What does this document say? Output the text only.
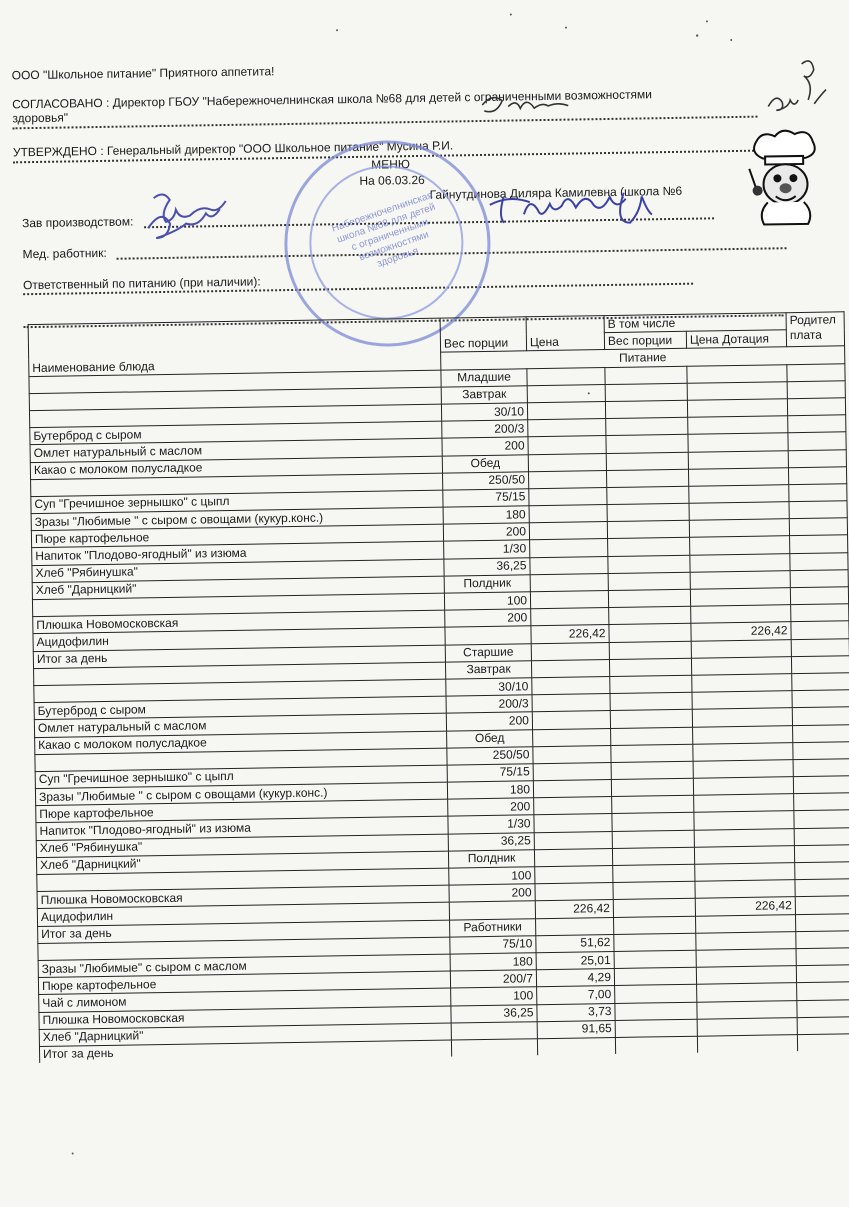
ООО "Школьное питание" Приятного аппетита!
СОГЛАСОВАНО : Директор ГБОУ "Набережночелнинская школа №68 для детей с ограниченными возможностями
здоровья"
УТВЕРЖДЕНО : Генеральный директор "ООО Школьное питание" Мусина Р.И.
МЕНЮ
На 06.03.26
Гайнутдинова Диляра Камилевна (школа №6
Зав производством:
Мед. работник:
Ответственный по питанию (при наличии):
Набережночелнинская школа №68 для детей с ограниченными возможностями здоровья
Наименование блюда	Вес порции	Цена	В том числе		Родител
плата
			Вес порции	Цена Дотация	
	Питание				
	Младшие				
	Завтрак				
	30/10				
Бутерброд с сыром	200/3				
Омлет натуральный с маслом	200				
Какао с молоком полусладкое	Обед				
	250/50				
Суп "Гречишное зернышко" с цыпл	75/15				
Зразы "Любимые " с сыром с овощами (кукур.конс.)	180				
Пюре картофельное	200				
Напиток "Плодово-ягодный" из изюма	1/30				
Хлеб "Рябинушка"	36,25				
Хлеб "Дарницкий"	Полдник				
	100				
Плюшка Новомосковская	200				
Ацидофилин		226,42		226,42	
Итог за день	Старшие				
	Завтрак				
	30/10				
Бутерброд с сыром	200/3				
Омлет натуральный с маслом	200				
Какао с молоком полусладкое	Обед				
	250/50				
Суп "Гречишное зернышко" с цыпл	75/15				
Зразы "Любимые " с сыром с овощами (кукур.конс.)	180				
Пюре картофельное	200				
Напиток "Плодово-ягодный" из изюма	1/30				
Хлеб "Рябинушка"	36,25				
Хлеб "Дарницкий"	Полдник				
	100				
Плюшка Новомосковская	200				
Ацидофилин		226,42		226,42	
Итог за день	Работники				
	75/10	51,62			
Зразы "Любимые" с сыром с маслом	180	25,01			
Пюре картофельное	200/7	4,29			
Чай с лимоном	100	7,00			
Плюшка Новомосковская	36,25	3,73			
Хлеб "Дарницкий"		91,65			
Итог за день					
